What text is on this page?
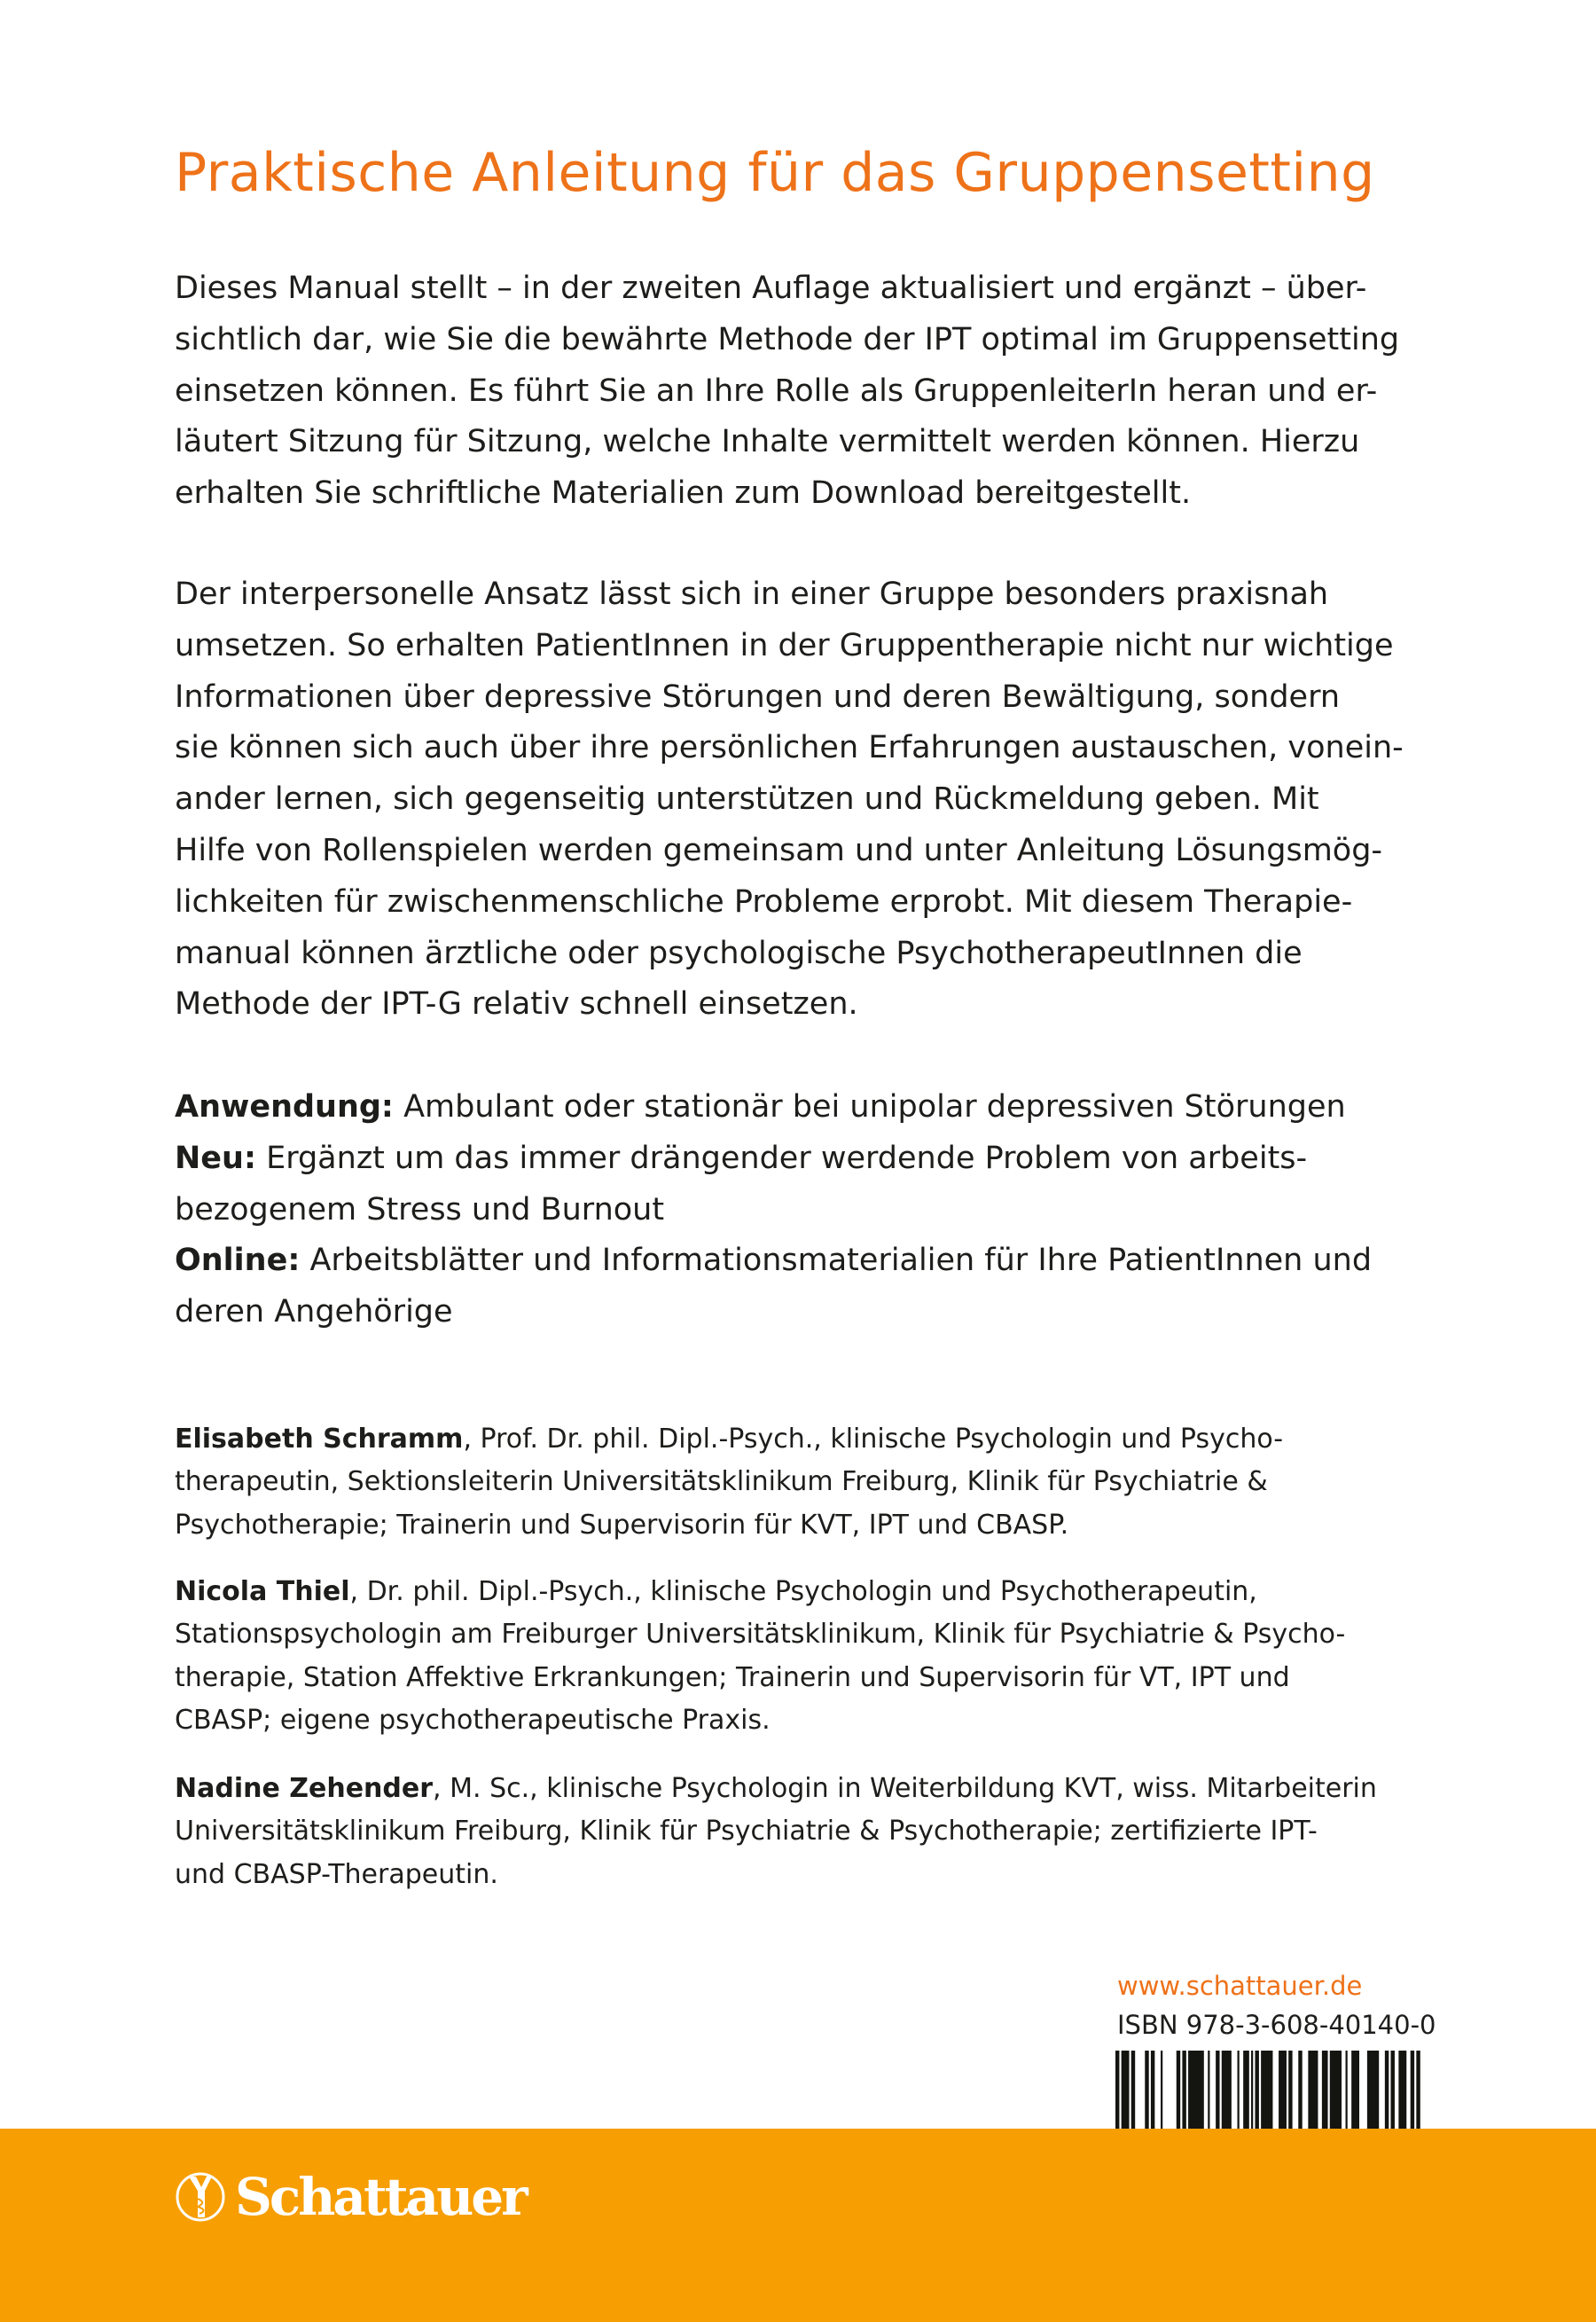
Praktische Anleitung für das Gruppensetting
Dieses Manual stellt – in der zweiten Auflage aktualisiert und ergänzt – über-
sichtlich dar, wie Sie die bewährte Methode der IPT optimal im Gruppensetting
einsetzen können. Es führt Sie an Ihre Rolle als GruppenleiterIn heran und er-
läutert Sitzung für Sitzung, welche Inhalte vermittelt werden können. Hierzu
erhalten Sie schriftliche Materialien zum Download bereitgestellt.
Der interpersonelle Ansatz lässt sich in einer Gruppe besonders praxisnah
umsetzen. So erhalten PatientInnen in der Gruppentherapie nicht nur wichtige
Informationen über depressive Störungen und deren Bewältigung, sondern
sie können sich auch über ihre persönlichen Erfahrungen austauschen, vonein-
ander lernen, sich gegenseitig unterstützen und Rückmeldung geben. Mit
Hilfe von Rollenspielen werden gemeinsam und unter Anleitung Lösungsmög-
lichkeiten für zwischenmenschliche Probleme erprobt. Mit diesem Therapie-
manual können ärztliche oder psychologische PsychotherapeutInnen die
Methode der IPT-G relativ schnell einsetzen.
Anwendung: Ambulant oder stationär bei unipolar depressiven Störungen
Neu: Ergänzt um das immer drängender werdende Problem von arbeits-
bezogenem Stress und Burnout
Online: Arbeitsblätter und Informationsmaterialien für Ihre PatientInnen und
deren Angehörige
Elisabeth Schramm, Prof. Dr. phil. Dipl.-Psych., klinische Psychologin und Psycho-
therapeutin, Sektionsleiterin Universitätsklinikum Freiburg, Klinik für Psychiatrie &
Psychotherapie; Trainerin und Supervisorin für KVT, IPT und CBASP.
Nicola Thiel, Dr. phil. Dipl.-Psych., klinische Psychologin und Psychotherapeutin,
Stationspsychologin am Freiburger Universitätsklinikum, Klinik für Psychiatrie & Psycho-
therapie, Station Affektive Erkrankungen; Trainerin und Supervisorin für VT, IPT und
CBASP; eigene psychotherapeutische Praxis.
Nadine Zehender, M. Sc., klinische Psychologin in Weiterbildung KVT, wiss. Mitarbeiterin
Universitätsklinikum Freiburg, Klinik für Psychiatrie & Psychotherapie; zertifizierte IPT-
und CBASP-Therapeutin.
www.schattauer.de
ISBN 978-3-608-40140-0
Schattauer
